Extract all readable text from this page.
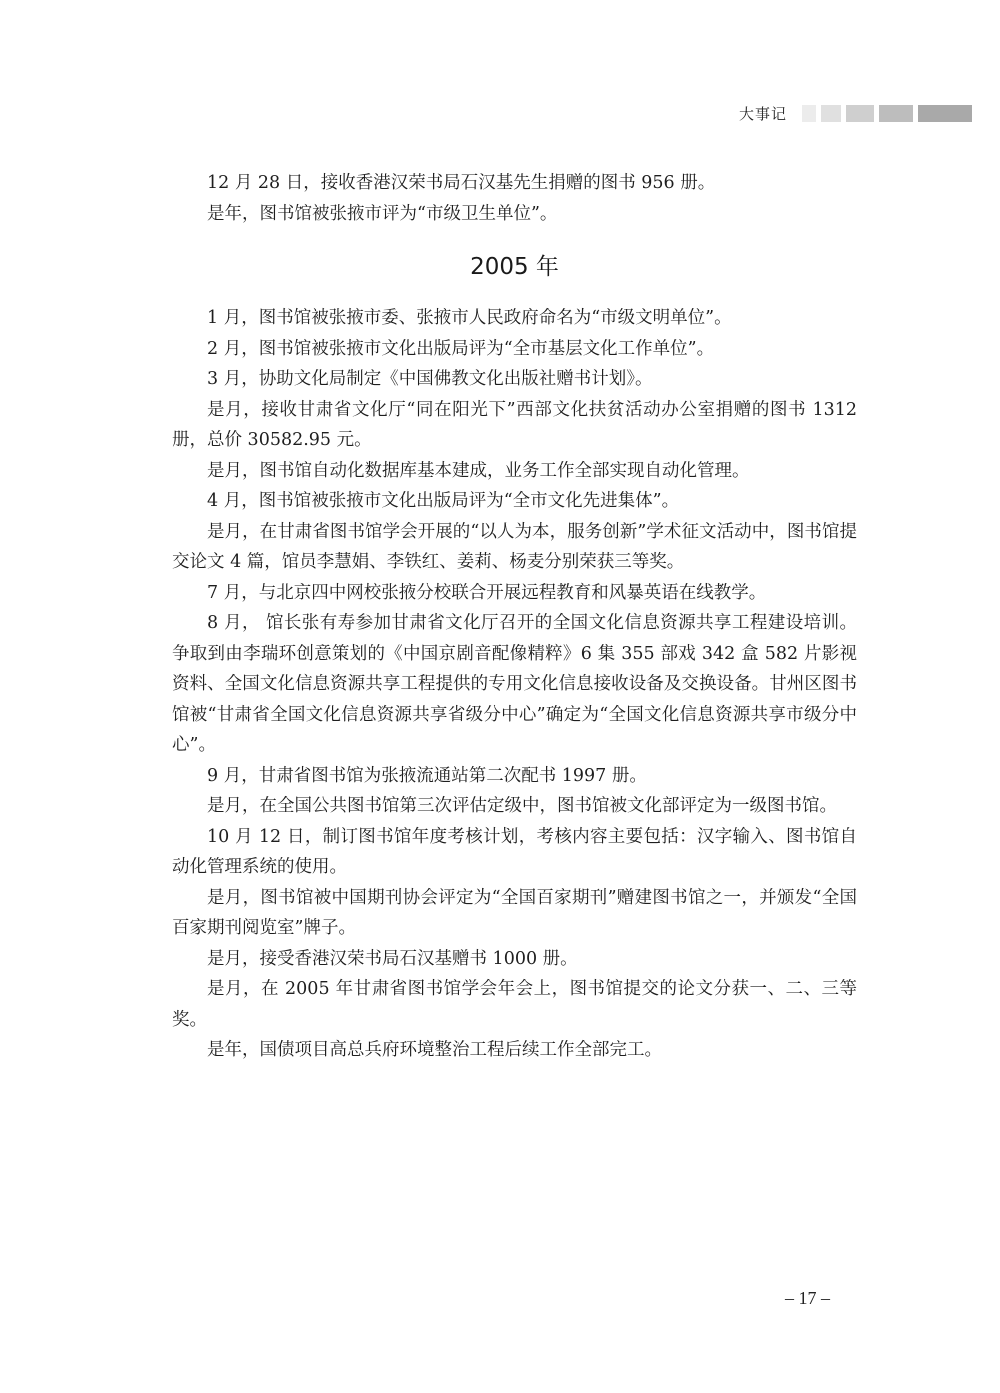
大事记

12 月 28 日，接收香港汉荣书局石汉基先生捐赠的图书 956 册。

是年，图书馆被张掖市评为“市级卫生单位”。

2005 年

1 月，图书馆被张掖市委、张掖市人民政府命名为“市级文明单位”。

2 月，图书馆被张掖市文化出版局评为“全市基层文化工作单位”。

3 月，协助文化局制定《中国佛教文化出版社赠书计划》。

是月，接收甘肃省文化厅“同在阳光下”西部文化扶贫活动办公室捐赠的图书 1312 册，总价 30582.95 元。

是月，图书馆自动化数据库基本建成，业务工作全部实现自动化管理。

4 月，图书馆被张掖市文化出版局评为“全市文化先进集体”。

是月，在甘肃省图书馆学会开展的“以人为本，服务创新”学术征文活动中，图书馆提交论文 4 篇，馆员李慧娟、李铁红、姜莉、杨麦分别荣获三等奖。

7 月，与北京四中网校张掖分校联合开展远程教育和风暴英语在线教学。

8 月， 馆长张有寿参加甘肃省文化厅召开的全国文化信息资源共享工程建设培训。争取到由李瑞环创意策划的《中国京剧音配像精粹》6 集 355 部戏 342 盒 582 片影视资料、全国文化信息资源共享工程提供的专用文化信息接收设备及交换设备。甘州区图书馆被“甘肃省全国文化信息资源共享省级分中心”确定为“全国文化信息资源共享市级分中心”。

9 月，甘肃省图书馆为张掖流通站第二次配书 1997 册。

是月，在全国公共图书馆第三次评估定级中，图书馆被文化部评定为一级图书馆。

10 月 12 日，制订图书馆年度考核计划，考核内容主要包括：汉字输入、图书馆自动化管理系统的使用。

是月，图书馆被中国期刊协会评定为“全国百家期刊”赠建图书馆之一，并颁发“全国百家期刊阅览室”牌子。

是月，接受香港汉荣书局石汉基赠书 1000 册。

是月，在 2005 年甘肃省图书馆学会年会上，图书馆提交的论文分获一、二、三等奖。

是年，国债项目高总兵府环境整治工程后续工作全部完工。

– 17 –
